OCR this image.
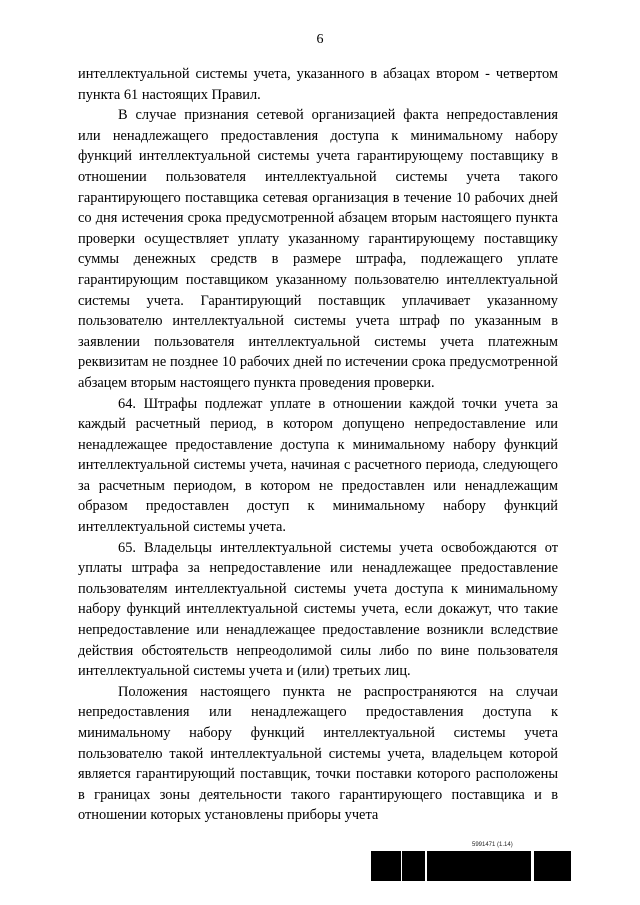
6

интеллектуальной системы учета, указанного в абзацах втором - четвертом пункта 61 настоящих Правил.

В случае признания сетевой организацией факта непредоставления или ненадлежащего предоставления доступа к минимальному набору функций интеллектуальной системы учета гарантирующему поставщику в отношении пользователя интеллектуальной системы учета такого гарантирующего поставщика сетевая организация в течение 10 рабочих дней со дня истечения срока предусмотренной абзацем вторым настоящего пункта проверки осуществляет уплату указанному гарантирующему поставщику суммы денежных средств в размере штрафа, подлежащего уплате гарантирующим поставщиком указанному пользователю интеллектуальной системы учета. Гарантирующий поставщик уплачивает указанному пользователю интеллектуальной системы учета штраф по указанным в заявлении пользователя интеллектуальной системы учета платежным реквизитам не позднее 10 рабочих дней по истечении срока предусмотренной абзацем вторым настоящего пункта проведения проверки.

64. Штрафы подлежат уплате в отношении каждой точки учета за каждый расчетный период, в котором допущено непредоставление или ненадлежащее предоставление доступа к минимальному набору функций интеллектуальной системы учета, начиная с расчетного периода, следующего за расчетным периодом, в котором не предоставлен или ненадлежащим образом предоставлен доступ к минимальному набору функций интеллектуальной системы учета.

65. Владельцы интеллектуальной системы учета освобождаются от уплаты штрафа за непредоставление или ненадлежащее предоставление пользователям интеллектуальной системы учета доступа к минимальному набору функций интеллектуальной системы учета, если докажут, что такие непредоставление или ненадлежащее предоставление возникли вследствие действия обстоятельств непреодолимой силы либо по вине пользователя интеллектуальной системы учета и (или) третьих лиц.

Положения настоящего пункта не распространяются на случаи непредоставления или ненадлежащего предоставления доступа к минимальному набору функций интеллектуальной системы учета пользователю такой интеллектуальной системы учета, владельцем которой является гарантирующий поставщик, точки поставки которого расположены в границах зоны деятельности такого гарантирующего поставщика и в отношении которых установлены приборы учета

5991471 (1.14)
